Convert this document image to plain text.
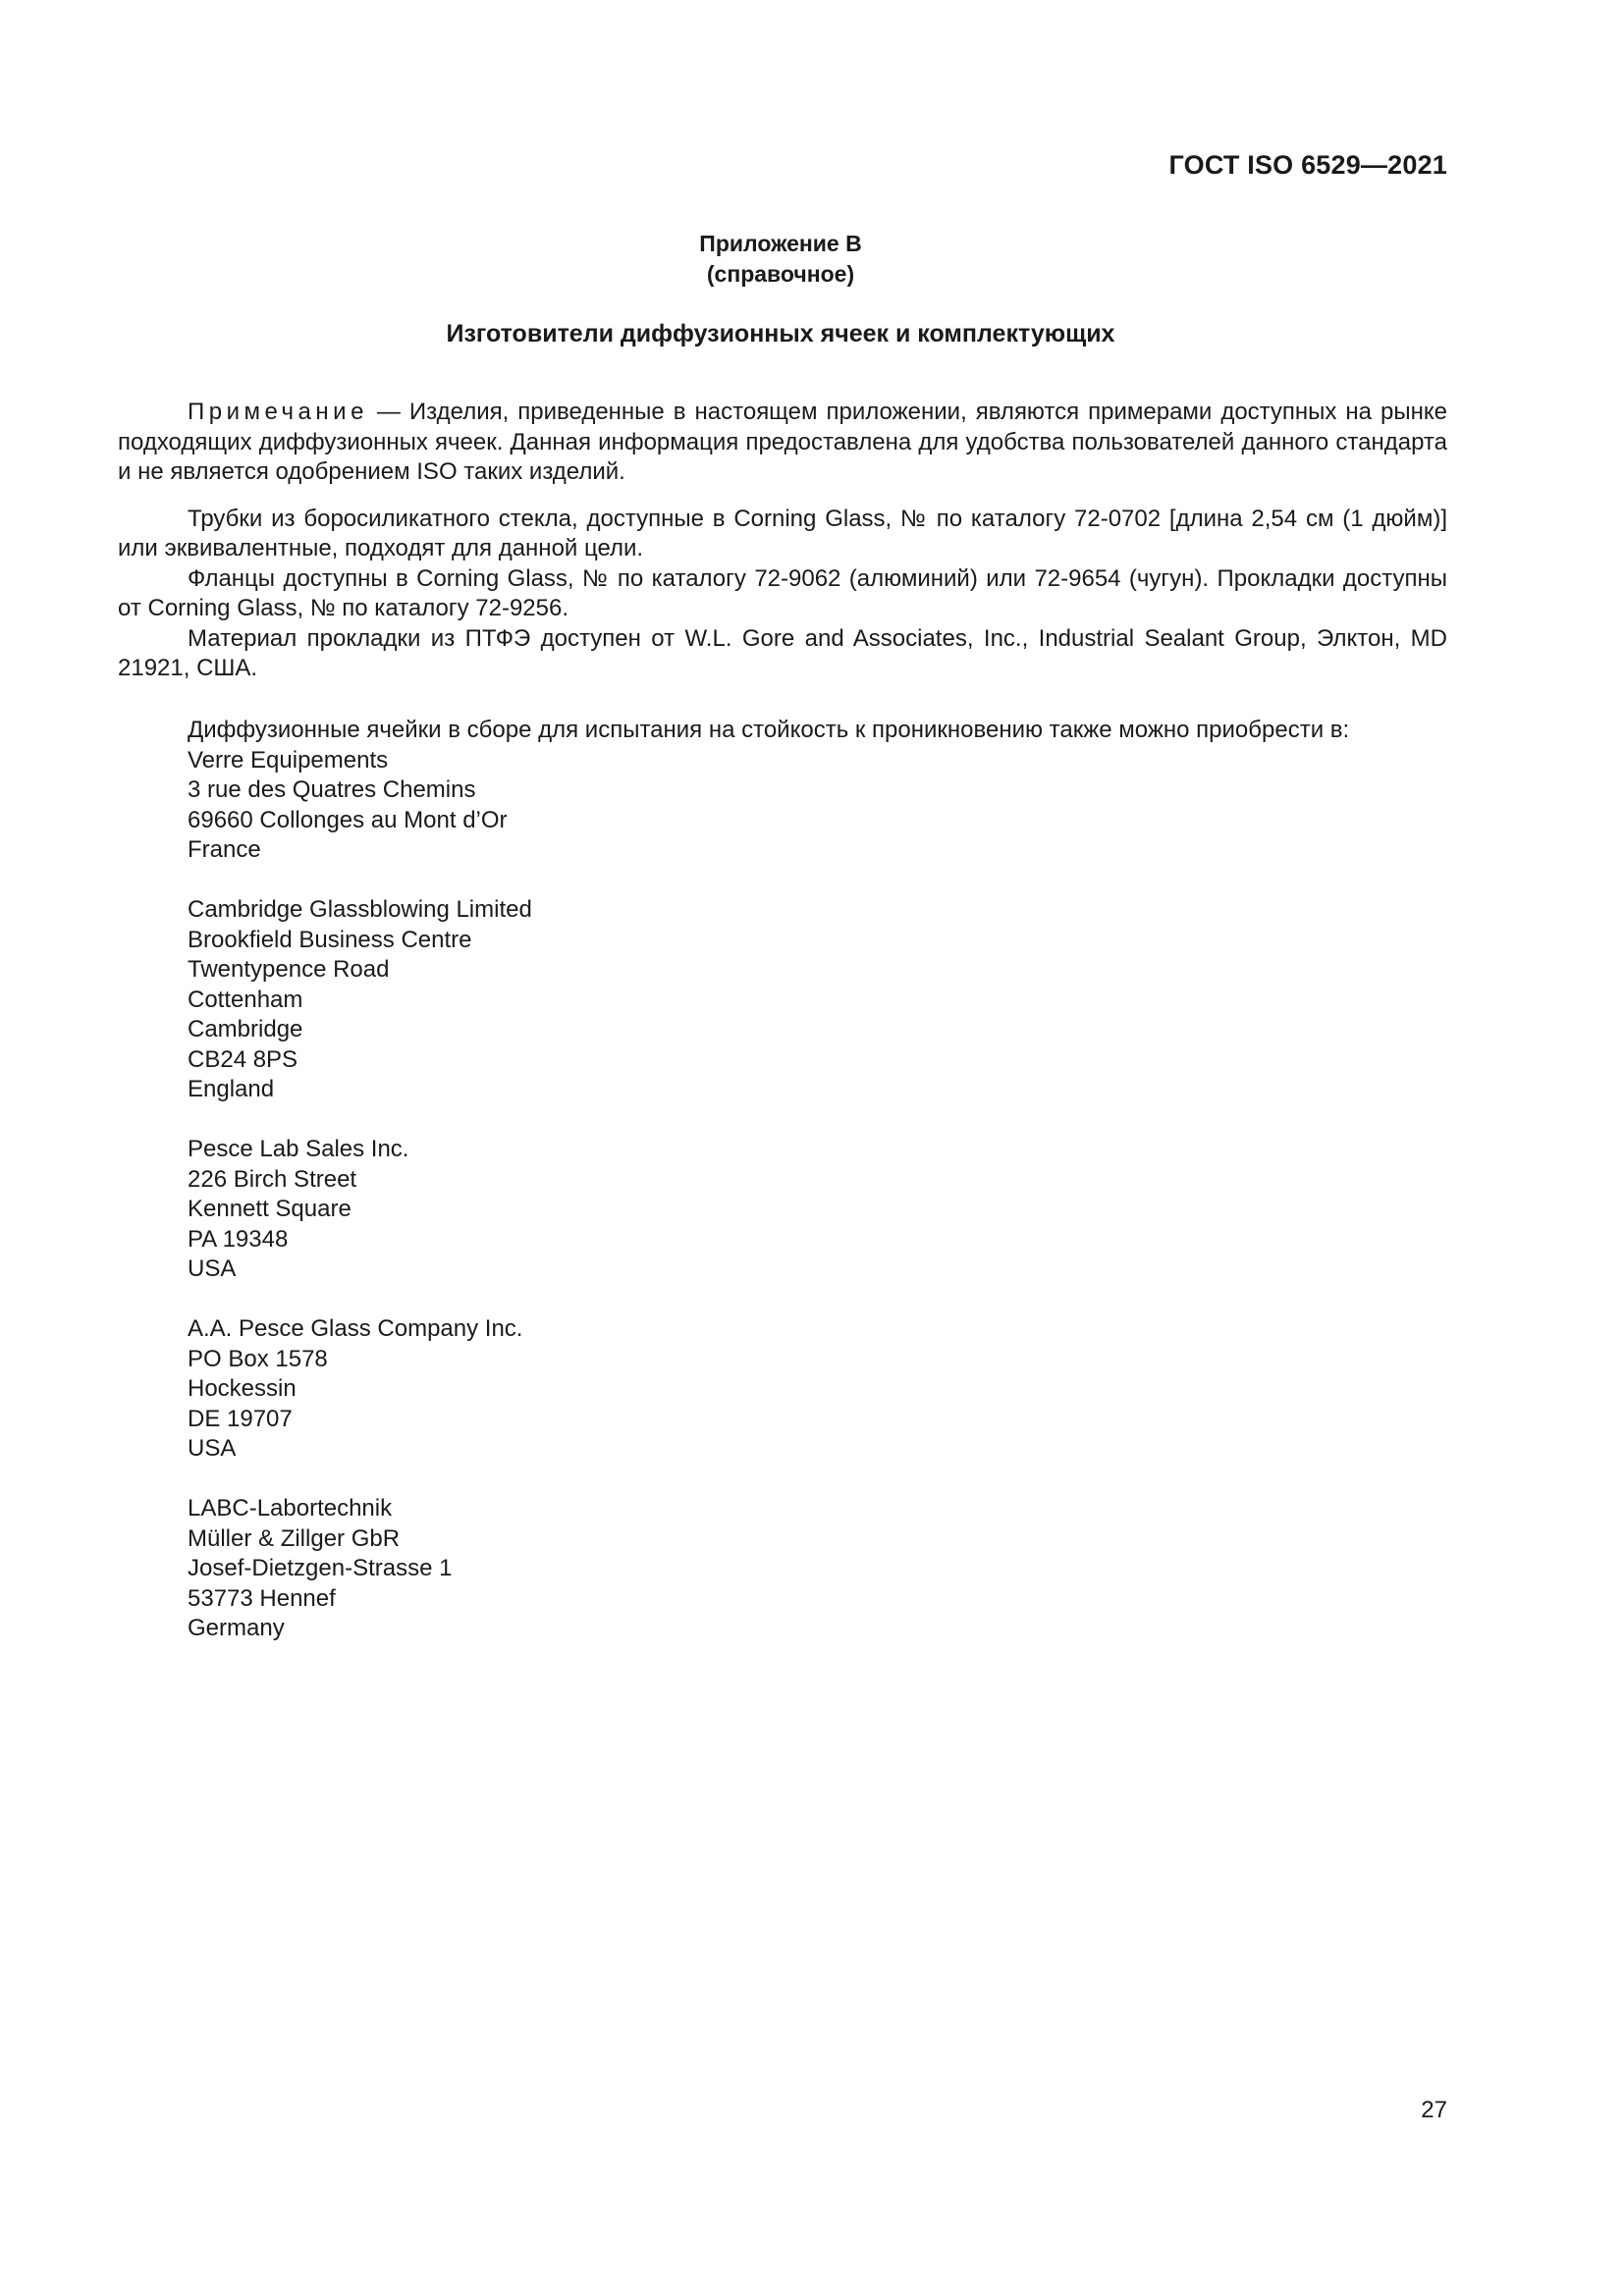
ГОСТ ISO 6529—2021
Приложение В
(справочное)
Изготовители диффузионных ячеек и комплектующих

Примечание — Изделия, приведенные в настоящем приложении, являются примерами доступных на рынке подходящих диффузионных ячеек. Данная информация предоставлена для удобства пользователей данного стандарта и не является одобрением ISO таких изделий.

Трубки из боросиликатного стекла, доступные в Corning Glass, № по каталогу 72-0702 [длина 2,54 см (1 дюйм)] или эквивалентные, подходят для данной цели.

Фланцы доступны в Corning Glass, № по каталогу 72-9062 (алюминий) или 72-9654 (чугун). Прокладки доступны от Corning Glass, № по каталогу 72-9256.

Материал прокладки из ПТФЭ доступен от W.L. Gore and Associates, Inc., Industrial Sealant Group, Элктон, MD 21921, США.

Диффузионные ячейки в сборе для испытания на стойкость к проникновению также можно приобрести в:

Verre Equipements
3 rue des Quatres Chemins
69660 Collonges au Mont d’Or
France
Cambridge Glassblowing Limited
Brookfield Business Centre
Twentypence Road
Cottenham
Cambridge
CB24 8PS
England
Pesce Lab Sales Inc.
226 Birch Street
Kennett Square
PA 19348
USA
A.A. Pesce Glass Company Inc.
PO Box 1578
Hockessin
DE 19707
USA
LABC-Labortechnik
Müller & Zillger GbR
Josef-Dietzgen-Strasse 1
53773 Hennef
Germany
27
